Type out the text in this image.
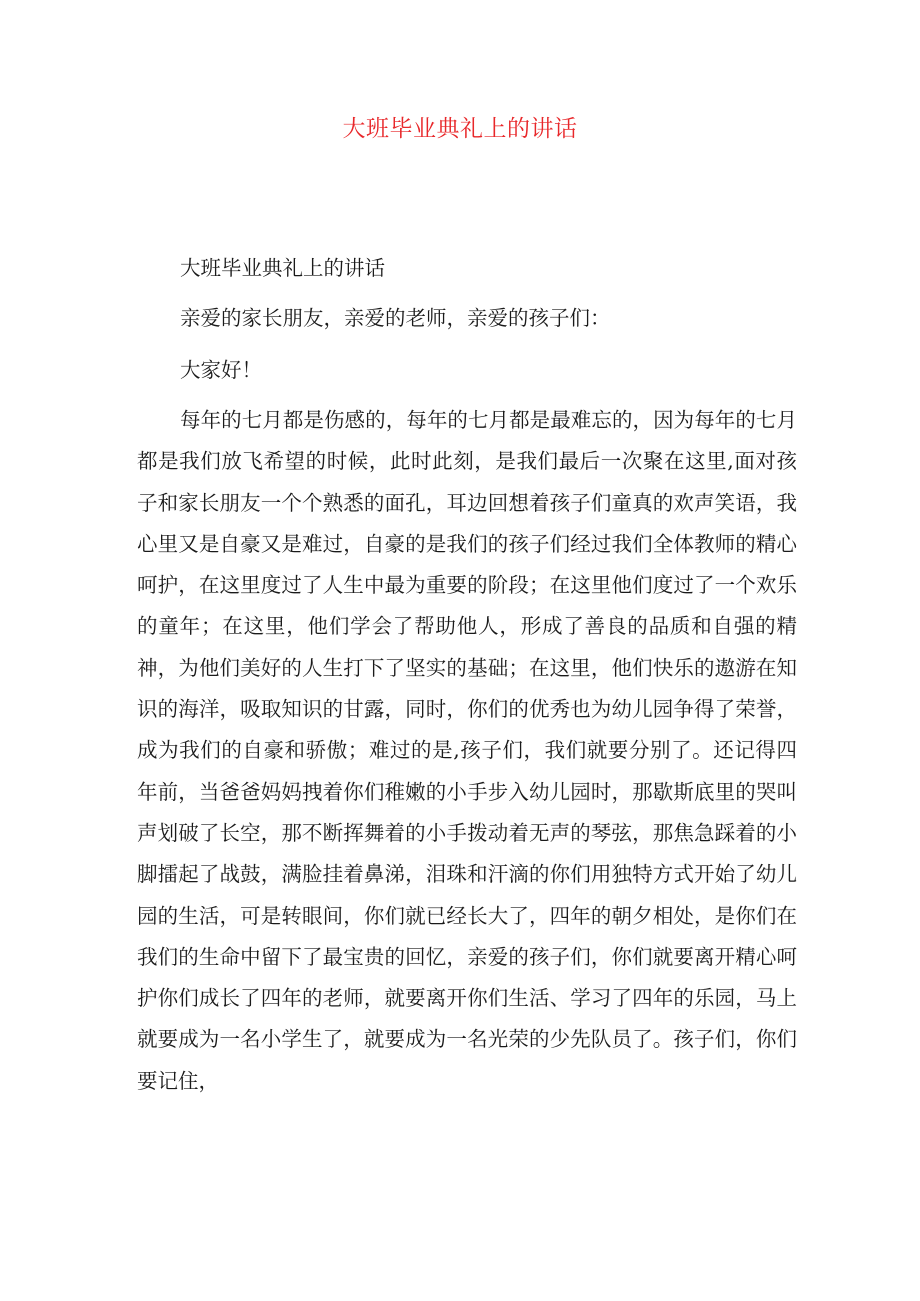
大班毕业典礼上的讲话
大班毕业典礼上的讲话
亲爱的家长朋友，亲爱的老师，亲爱的孩子们：
大家好！

每年的七月都是伤感的，每年的七月都是最难忘的，因为每年的七月都是我们放飞希望的时候，此时此刻，是我们最后一次聚在这里,面对孩子和家长朋友一个个熟悉的面孔，耳边回想着孩子们童真的欢声笑语，我心里又是自豪又是难过，自豪的是我们的孩子们经过我们全体教师的精心呵护，在这里度过了人生中最为重要的阶段；在这里他们度过了一个欢乐的童年；在这里，他们学会了帮助他人，形成了善良的品质和自强的精神，为他们美好的人生打下了坚实的基础；在这里，他们快乐的遨游在知识的海洋，吸取知识的甘露，同时，你们的优秀也为幼儿园争得了荣誉，成为我们的自豪和骄傲；难过的是,孩子们，我们就要分别了。还记得四年前，当爸爸妈妈拽着你们稚嫩的小手步入幼儿园时，那歇斯底里的哭叫声划破了长空，那不断挥舞着的小手拨动着无声的琴弦，那焦急踩着的小脚擂起了战鼓，满脸挂着鼻涕，泪珠和汗滴的你们用独特方式开始了幼儿园的生活，可是转眼间，你们就已经长大了，四年的朝夕相处，是你们在我们的生命中留下了最宝贵的回忆，亲爱的孩子们，你们就要离开精心呵护你们成长了四年的老师，就要离开你们生活、学习了四年的乐园，马上就要成为一名小学生了，就要成为一名光荣的少先队员了。孩子们，你们要记住，
